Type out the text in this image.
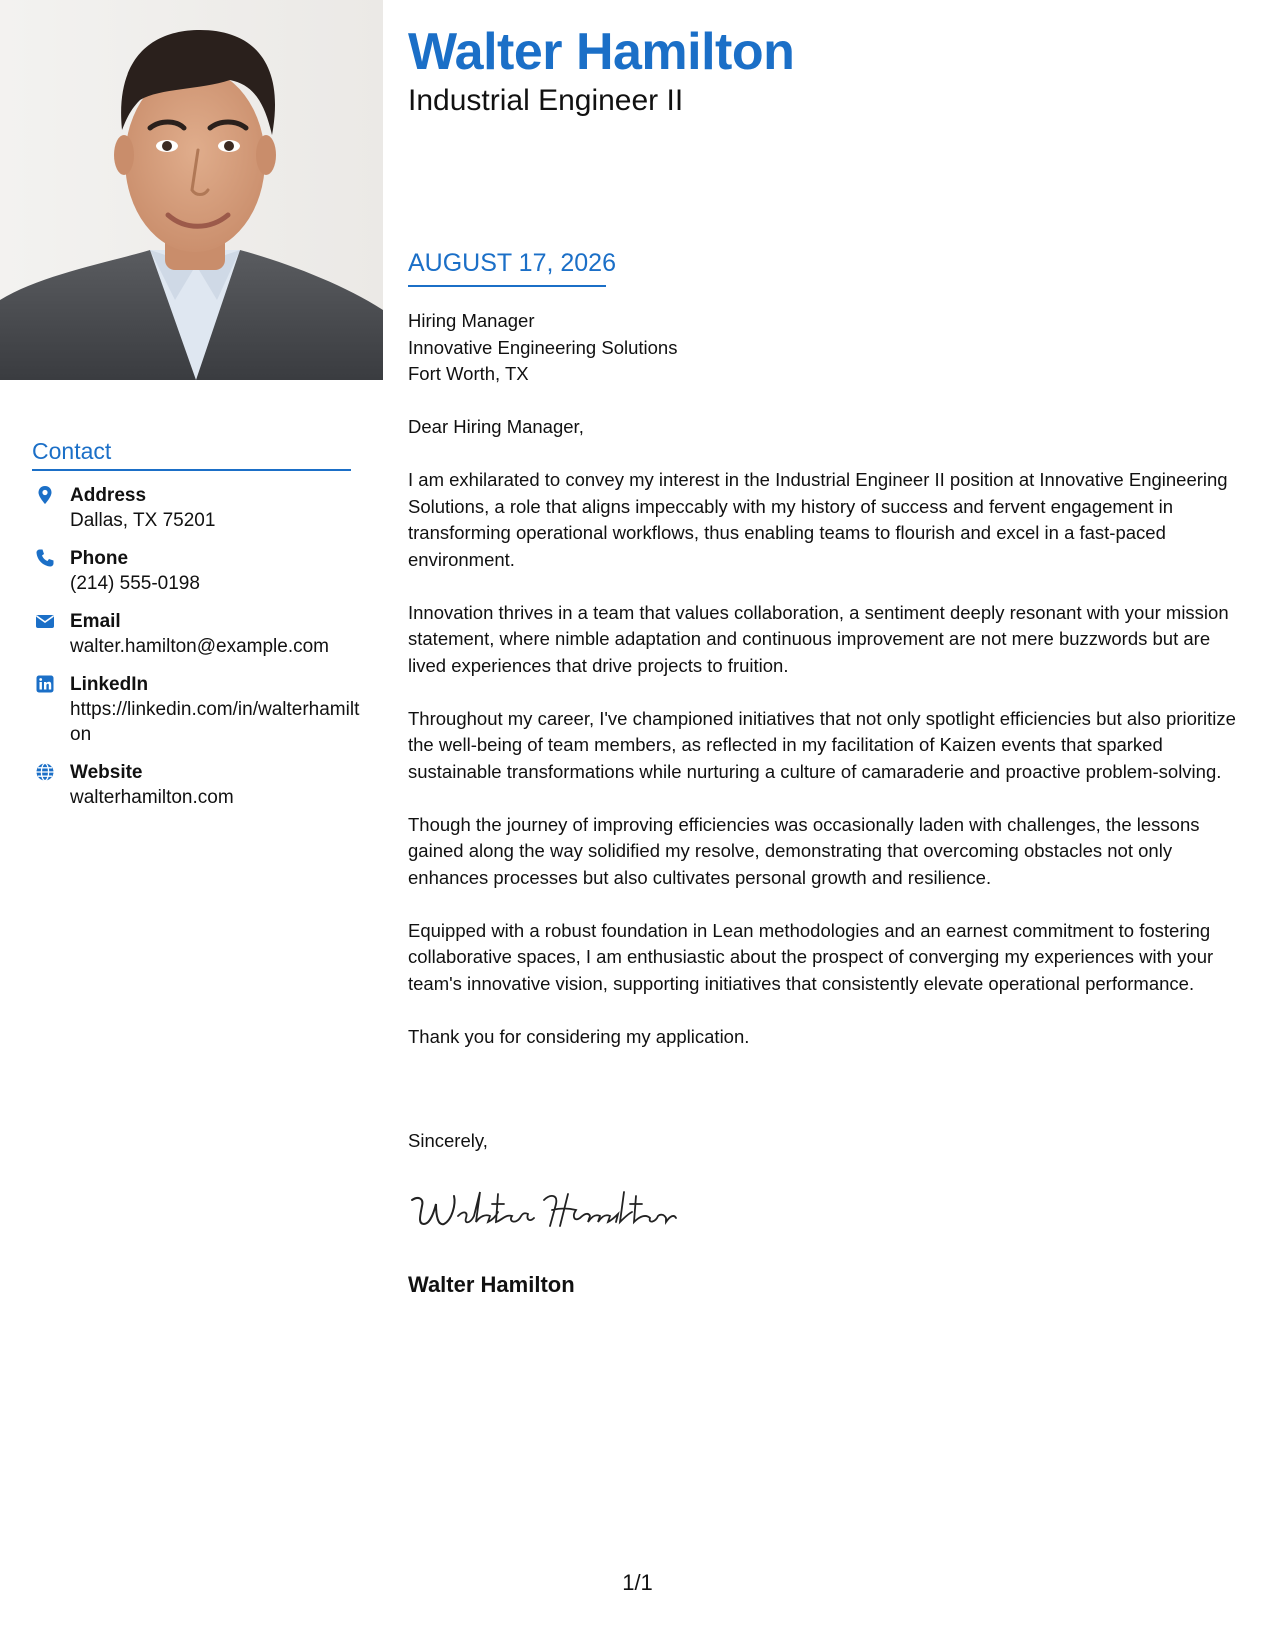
Contact
Address
Dallas, TX 75201
Phone
(214) 555-0198
Email
walter.hamilton@example.com
LinkedIn
https://linkedin.com/in/walterhamilton
Website
walterhamilton.com
Walter Hamilton
Industrial Engineer II
AUGUST 17, 2026
Hiring Manager
Innovative Engineering Solutions
Fort Worth, TX

Dear Hiring Manager,

I am exhilarated to convey my interest in the Industrial Engineer II position at Innovative Engineering Solutions, a role that aligns impeccably with my history of success and fervent engagement in transforming operational workflows, thus enabling teams to flourish and excel in a fast-paced environment.

Innovation thrives in a team that values collaboration, a sentiment deeply resonant with your mission statement, where nimble adaptation and continuous improvement are not mere buzzwords but are lived experiences that drive projects to fruition.

Throughout my career, I've championed initiatives that not only spotlight efficiencies but also prioritize the well-being of team members, as reflected in my facilitation of Kaizen events that sparked sustainable transformations while nurturing a culture of camaraderie and proactive problem-solving.

Though the journey of improving efficiencies was occasionally laden with challenges, the lessons gained along the way solidified my resolve, demonstrating that overcoming obstacles not only enhances processes but also cultivates personal growth and resilience.

Equipped with a robust foundation in Lean methodologies and an earnest commitment to fostering collaborative spaces, I am enthusiastic about the prospect of converging my experiences with your team's innovative vision, supporting initiatives that consistently elevate operational performance.

Thank you for considering my application.

Sincerely,
Walter Hamilton
1/1
